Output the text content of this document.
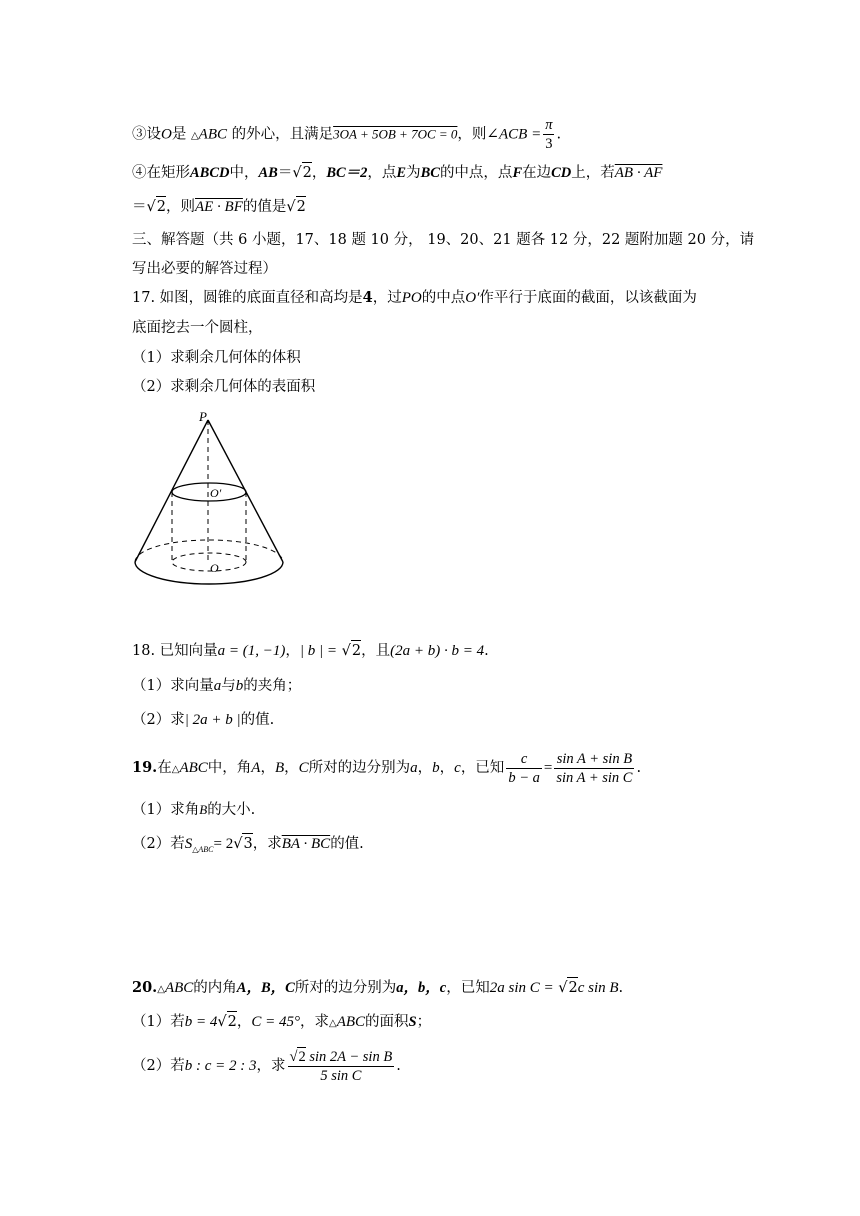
③设O是 △ABC 的外心，且满足3OA + 5OB + 7OC = 0，则∠ACB = $\frac{\pi}{3}$ .
④在矩形ABCD中，AB＝√2，BC＝2，点E为BC的中点，点F在边CD上，若AB · AF
＝√2，则AE · BF的值是√2
三、解答题（共 6 小题，17、18 题 10 分， 19、20、21 题各 12 分，22 题附加题 20 分，请
写出必要的解答过程）
17. 如图，圆锥的底面直径和高均是4，过PO的中点O′作平行于底面的截面，以该截面为
底面挖去一个圆柱，
（1）求剩余几何体的体积
（2）求剩余几何体的表面积
P
O′
O
18. 已知向量a = (1, −1)，| b | = √2，且(2a + b) · b = 4.
（1）求向量a与b的夹角；
（2）求| 2a + b |的值.
19.在△ABC中，角A，B，C所对的边分别为a，b，c，已知 $\frac{c}{b - a} = \frac{\text{sin A + sin B}}{\text{sin A + sin C}}$ .
（1）求角B的大小.
（2）若$S_{\triangle ABC}= 2√3$，求BA · BC的值.
20.△ABC的内角A，B，C所对的边分别为a，b，c，已知2a sin C = √2c sin B.
（1）若b = 4√2，C = 45°，求△ABC的面积S；
（2）若b : c = 2 : 3，求 $\frac{\text{√2 sin 2A − sin B}}{\text{5 sin C}}$ .
